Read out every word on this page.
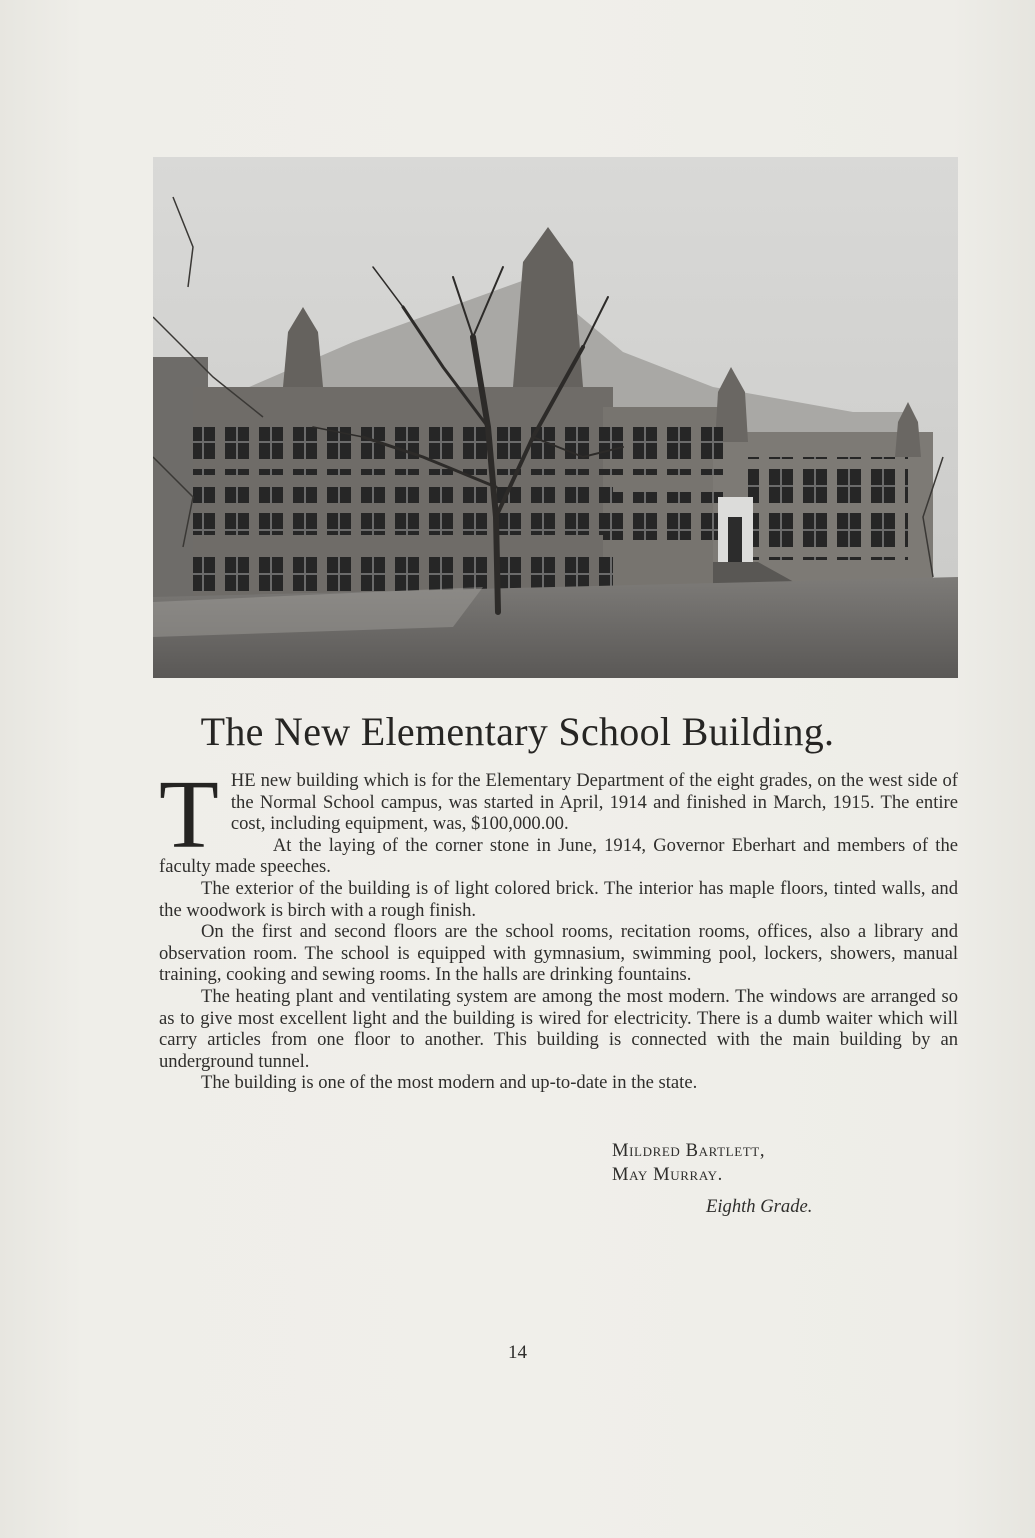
The New Elementary School Building.
T HE new building which is for the Elementary Department of the eight grades, on the west side of the Normal School campus, was started in April, 1914 and finished in March, 1915. The entire cost, including equipment, was, $100,000.00.

At the laying of the corner stone in June, 1914, Governor Eberhart and members of the faculty made speeches.

The exterior of the building is of light colored brick. The interior has maple floors, tinted walls, and the woodwork is birch with a rough finish.

On the first and second floors are the school rooms, recitation rooms, offices, also a library and observation room. The school is equipped with gymnasium, swimming pool, lockers, showers, manual training, cooking and sewing rooms. In the halls are drinking fountains.

The heating plant and ventilating system are among the most modern. The windows are arranged so as to give most excellent light and the building is wired for electricity. There is a dumb waiter which will carry articles from one floor to another. This building is connected with the main building by an underground tunnel.

The building is one of the most modern and up-to-date in the state.

Mildred Bartlett,
May Murray.
Eighth Grade.
14
